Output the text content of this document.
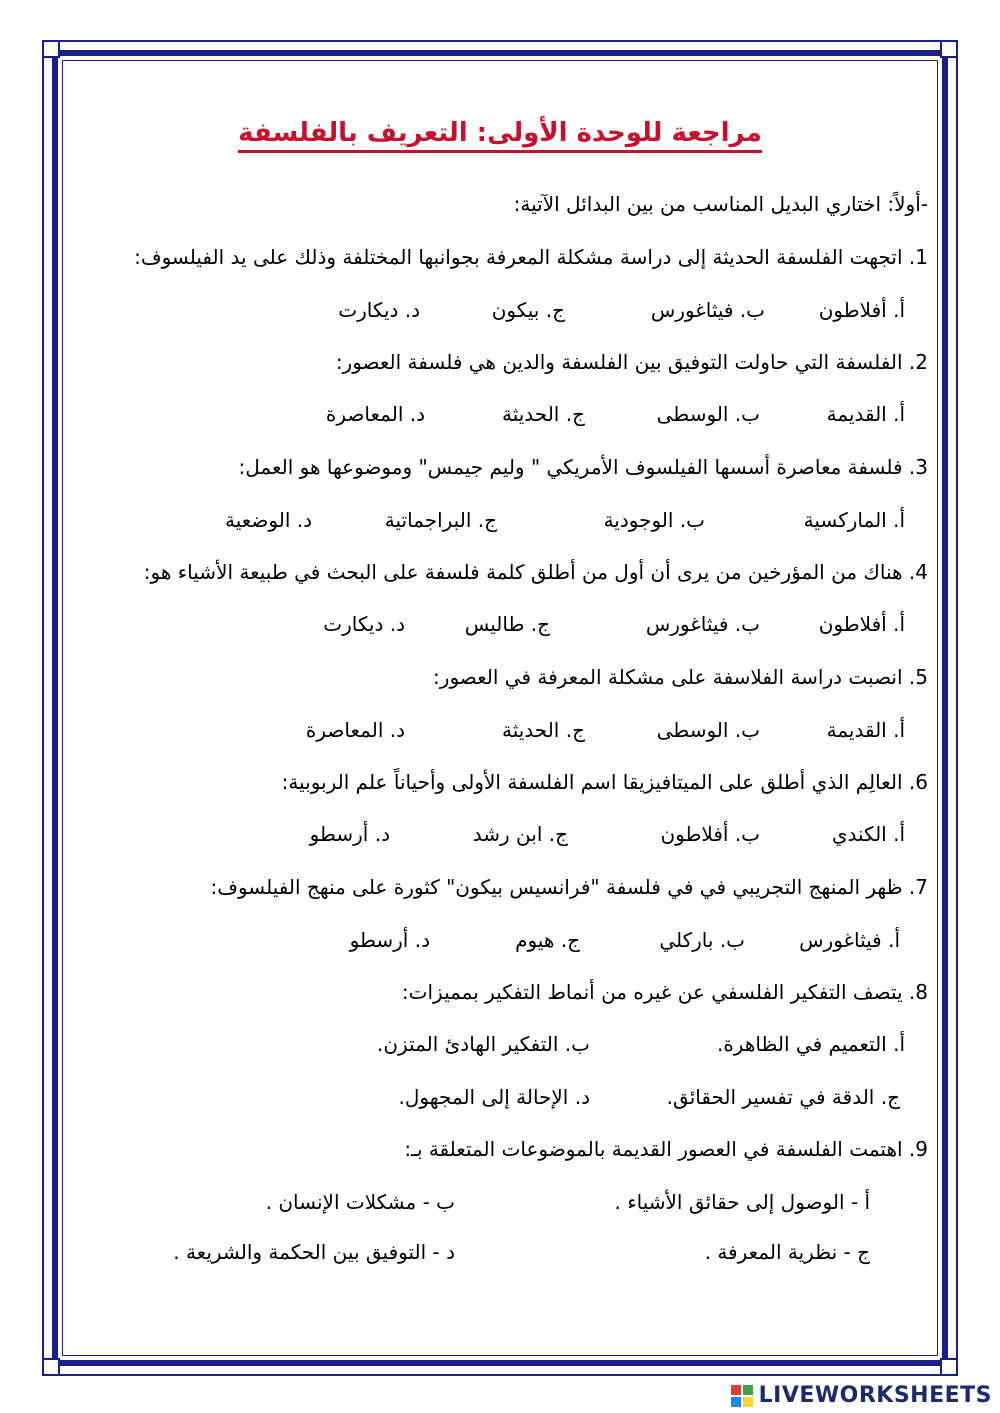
مراجعة للوحدة الأولى: التعريف بالفلسفة
-أولاً: اختاري البديل المناسب من بين البدائل الآتية:
1. اتجهت الفلسفة الحديثة إلى دراسة مشكلة المعرفة بجوانبها المختلفة وذلك على يد الفيلسوف:
أ. أفلاطون
ب. فيثاغورس
ج. بيكون
د. ديكارت
2. الفلسفة التي حاولت التوفيق بين الفلسفة والدين هي فلسفة العصور:
أ. القديمة
ب. الوسطى
ج. الحديثة
د. المعاصرة
3. فلسفة معاصرة أسسها الفيلسوف الأمريكي " وليم جيمس" وموضوعها هو العمل:
أ. الماركسية
ب. الوجودية
ج. البراجماتية
د. الوضعية
4. هناك من المؤرخين من يرى أن أول من أطلق كلمة فلسفة على البحث في طبيعة الأشياء هو:
أ. أفلاطون
ب. فيثاغورس
ج. طاليس
د. ديكارت
5. انصبت دراسة الفلاسفة على مشكلة المعرفة في العصور:
أ. القديمة
ب. الوسطى
ج. الحديثة
د. المعاصرة
6. العالِم الذي أطلق على الميتافيزيقا اسم الفلسفة الأولى وأحياناً علم الربوبية:
أ. الكندي
ب. أفلاطون
ج. ابن رشد
د. أرسطو
7. ظهر المنهج التجريبي في في فلسفة "فرانسيس بيكون" كثورة على منهج الفيلسوف:
أ. فيثاغورس
ب. باركلي
ج. هيوم
د. أرسطو
8. يتصف التفكير الفلسفي عن غيره من أنماط التفكير بمميزات:
أ. التعميم في الظاهرة.
ب. التفكير الهادئ المتزن.
ج. الدقة في تفسير الحقائق.
د. الإحالة إلى المجهول.
9. اهتمت الفلسفة في العصور القديمة بالموضوعات المتعلقة بـ:
أ - الوصول إلى حقائق الأشياء .
ب - مشكلات الإنسان .
ج - نظرية المعرفة .
د - التوفيق بين الحكمة والشريعة .
LIVEWORKSHEETS
